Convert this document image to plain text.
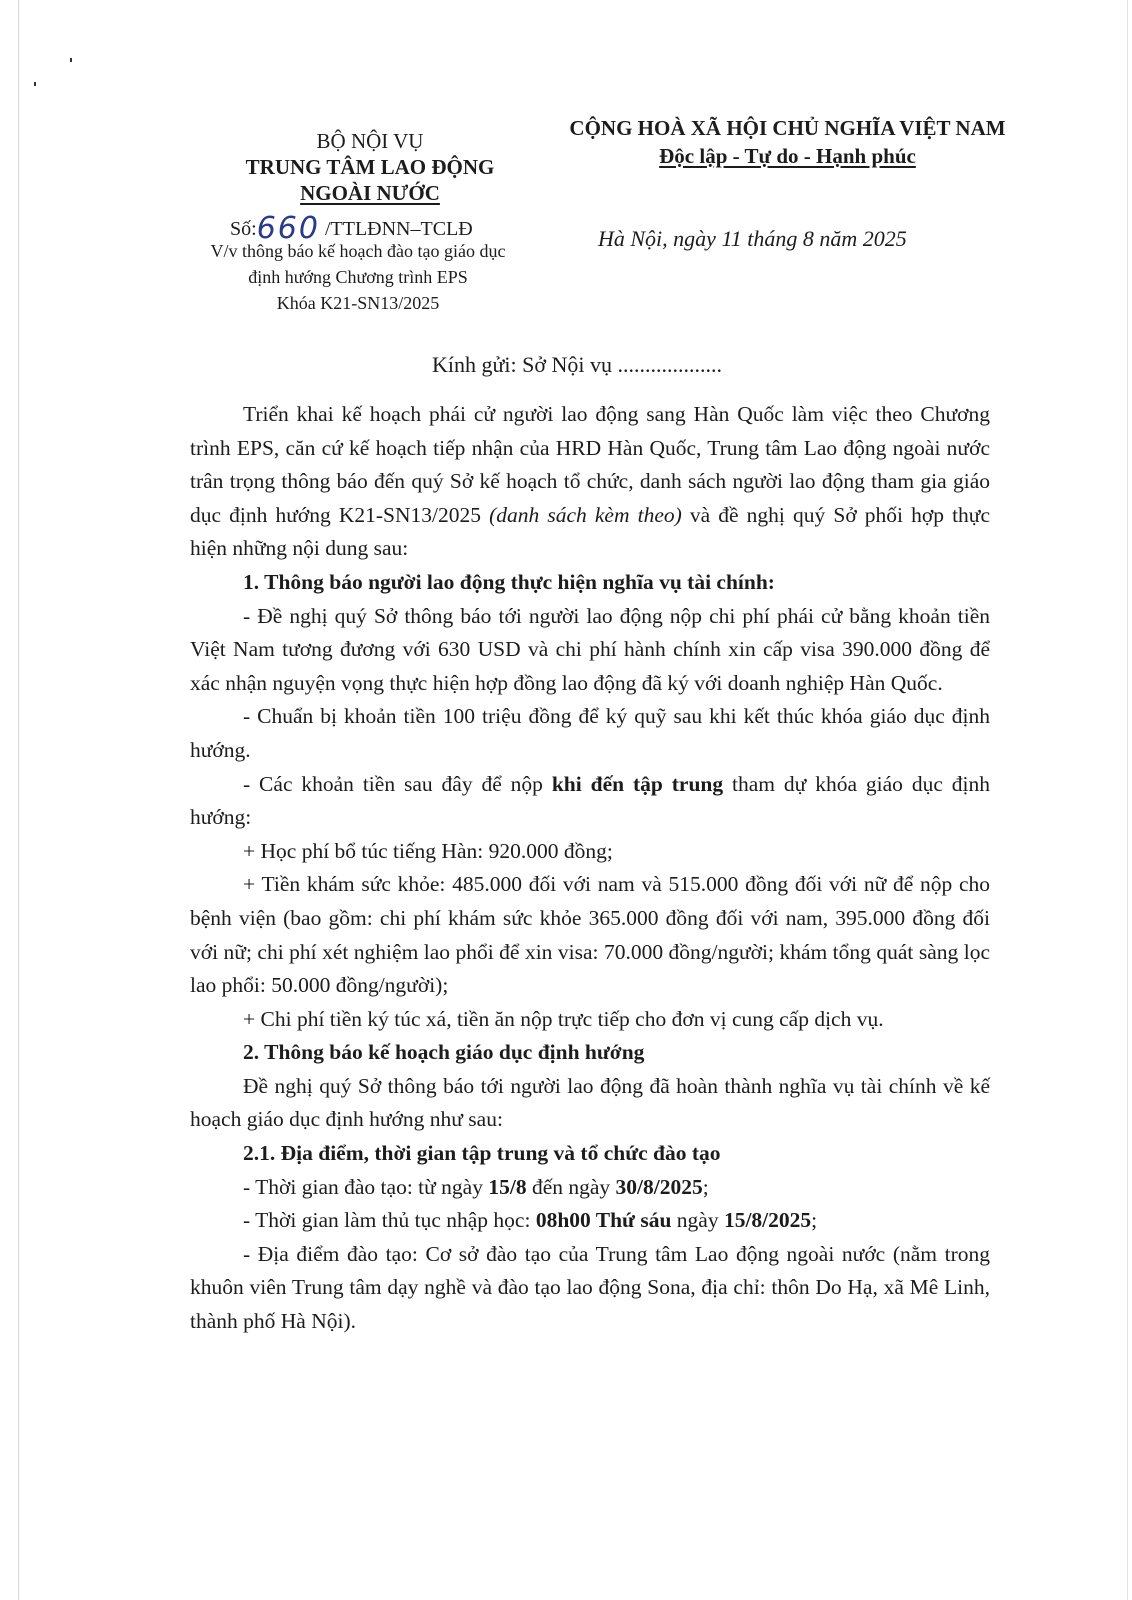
BỘ NỘI VỤ
TRUNG TÂM LAO ĐỘNG
NGOÀI NƯỚC
CỘNG HOÀ XÃ HỘI CHỦ NGHĨA VIỆT NAM
Độc lập - Tự do - Hạnh phúc
Số:660 /TTLĐNN–TCLĐ
V/v thông báo kế hoạch đào tạo giáo dục
định hướng Chương trình EPS
Khóa K21-SN13/2025
Hà Nội, ngày 11 tháng 8 năm 2025
Kính gửi: Sở Nội vụ ...................

Triển khai kế hoạch phái cử người lao động sang Hàn Quốc làm việc theo Chương trình EPS, căn cứ kế hoạch tiếp nhận của HRD Hàn Quốc, Trung tâm Lao động ngoài nước trân trọng thông báo đến quý Sở kế hoạch tổ chức, danh sách người lao động tham gia giáo dục định hướng K21-SN13/2025 (danh sách kèm theo) và đề nghị quý Sở phối hợp thực hiện những nội dung sau:

1. Thông báo người lao động thực hiện nghĩa vụ tài chính:

- Đề nghị quý Sở thông báo tới người lao động nộp chi phí phái cử bằng khoản tiền Việt Nam tương đương với 630 USD và chi phí hành chính xin cấp visa 390.000 đồng để xác nhận nguyện vọng thực hiện hợp đồng lao động đã ký với doanh nghiệp Hàn Quốc.

- Chuẩn bị khoản tiền 100 triệu đồng để ký quỹ sau khi kết thúc khóa giáo dục định hướng.

- Các khoản tiền sau đây để nộp khi đến tập trung tham dự khóa giáo dục định hướng:

+ Học phí bổ túc tiếng Hàn: 920.000 đồng;

+ Tiền khám sức khỏe: 485.000 đối với nam và 515.000 đồng đối với nữ để nộp cho bệnh viện (bao gồm: chi phí khám sức khỏe 365.000 đồng đối với nam, 395.000 đồng đối với nữ; chi phí xét nghiệm lao phổi để xin visa: 70.000 đồng/người; khám tổng quát sàng lọc lao phổi: 50.000 đồng/người);

+ Chi phí tiền ký túc xá, tiền ăn nộp trực tiếp cho đơn vị cung cấp dịch vụ.

2. Thông báo kế hoạch giáo dục định hướng

Đề nghị quý Sở thông báo tới người lao động đã hoàn thành nghĩa vụ tài chính về kế hoạch giáo dục định hướng như sau:

2.1. Địa điểm, thời gian tập trung và tổ chức đào tạo

- Thời gian đào tạo: từ ngày 15/8 đến ngày 30/8/2025;

- Thời gian làm thủ tục nhập học: 08h00 Thứ sáu ngày 15/8/2025;

- Địa điểm đào tạo: Cơ sở đào tạo của Trung tâm Lao động ngoài nước (nằm trong khuôn viên Trung tâm dạy nghề và đào tạo lao động Sona, địa chỉ: thôn Do Hạ, xã Mê Linh, thành phố Hà Nội).
